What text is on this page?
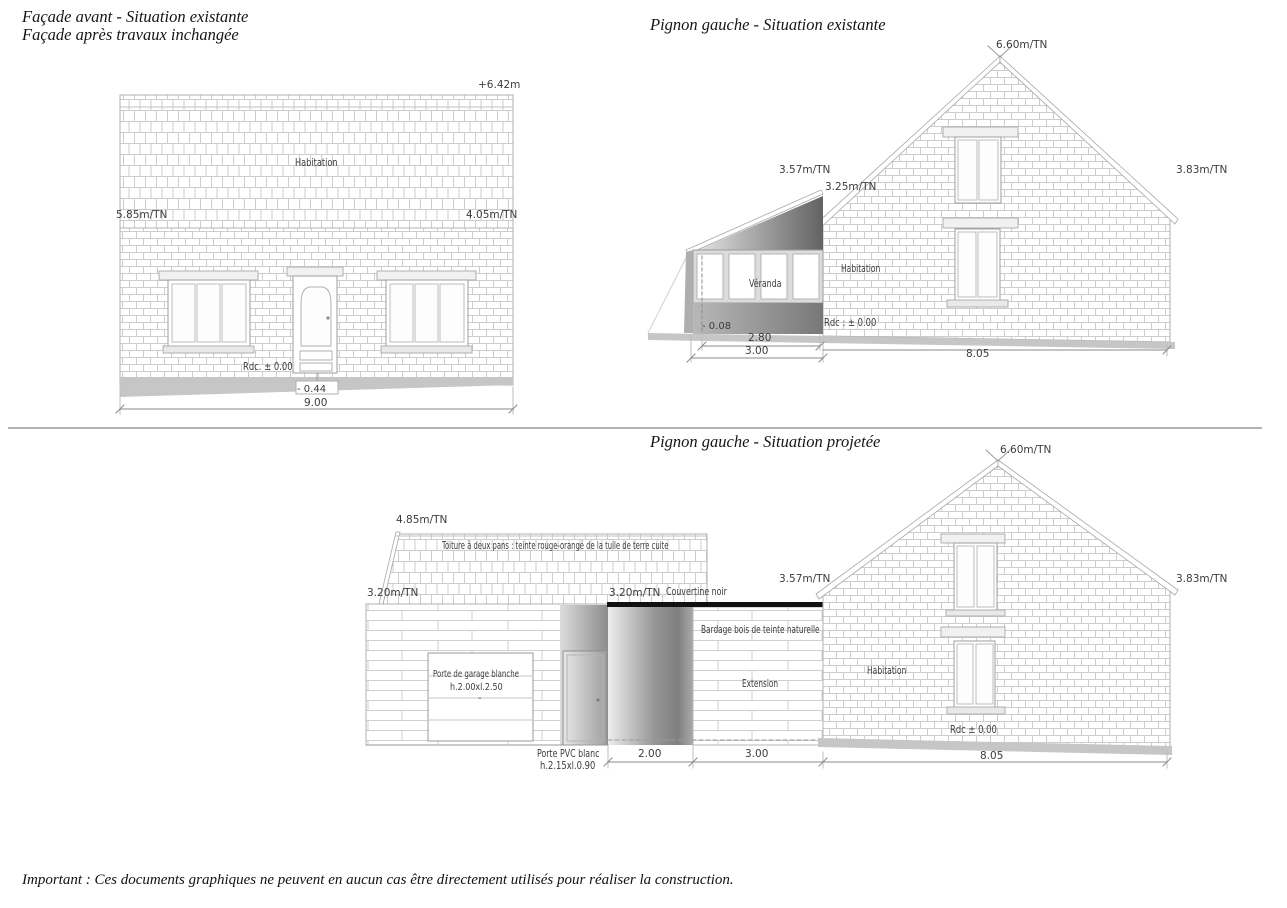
Façade avant - Situation existante
Façade après travaux inchangée
+6.42m
Habitation
5.85m/TN	4.05m/TN
Rdc. ± 0.00
- 0.44
9.00
Pignon gauche - Situation existante
6.60m/TN
3.57m/TN
3.25m/TN
3.83m/TN
Habitation
Véranda
- 0.08	Rdc : ± 0.00
2.80
3.00	8.05
Pignon gauche - Situation projetée	6.60m/TN
4.85m/TN
Toiture à deux pans : teinte rouge-orangé de la tuile de terre cuite
3.20m/TN	3.20m/TN Couvertine noir
3.57m/TN	3.83m/TN
Bardage bois de teinte naturelle
Extension
Habitation
Porte de garage blanche
h.2.00xl.2.50
-
Porte PVC blanc
h.2.15xl.0.90
Rdc ± 0.00
2.00	3.00	8.05
Important : Ces documents graphiques ne peuvent en aucun cas être directement utilisés pour réaliser la construction.
